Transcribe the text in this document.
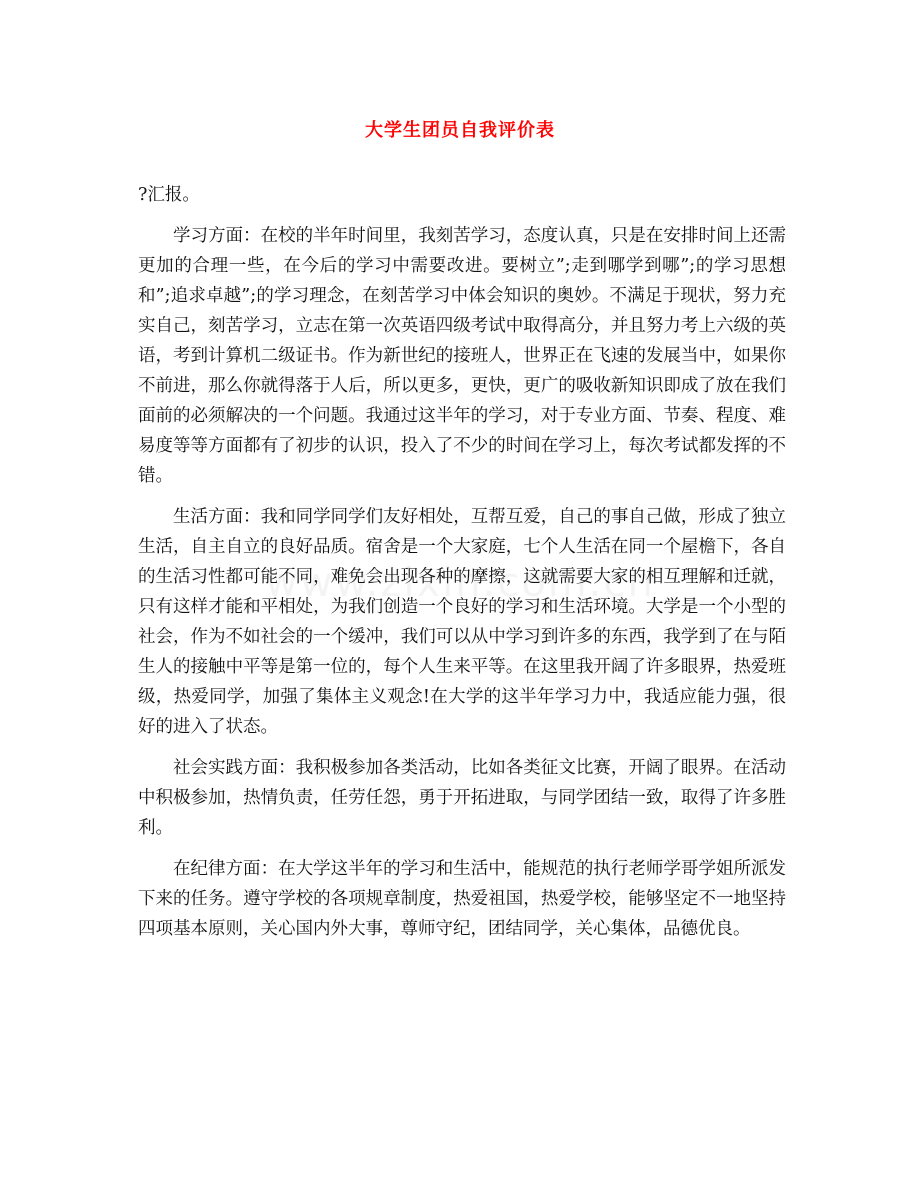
大学生团员自我评价表

?汇报。

学习方面：在校的半年时间里，我刻苦学习，态度认真，只是在安排时间上还需更加的合理一些，在今后的学习中需要改进。要树立”;走到哪学到哪”;的学习思想和”;追求卓越”;的学习理念，在刻苦学习中体会知识的奥妙。不满足于现状，努力充实自己，刻苦学习，立志在第一次英语四级考试中取得高分，并且努力考上六级的英语，考到计算机二级证书。作为新世纪的接班人，世界正在飞速的发展当中，如果你不前进，那么你就得落于人后，所以更多，更快，更广的吸收新知识即成了放在我们面前的必须解决的一个问题。我通过这半年的学习，对于专业方面、节奏、程度、难易度等等方面都有了初步的认识，投入了不少的时间在学习上，每次考试都发挥的不错。

生活方面：我和同学同学们友好相处，互帮互爱，自己的事自己做，形成了独立生活，自主自立的良好品质。宿舍是一个大家庭，七个人生活在同一个屋檐下，各自的生活习性都可能不同，难免会出现各种的摩擦，这就需要大家的相互理解和迁就，只有这样才能和平相处，为我们创造一个良好的学习和生活环境。大学是一个小型的社会，作为不如社会的一个缓冲，我们可以从中学习到许多的东西，我学到了在与陌生人的接触中平等是第一位的，每个人生来平等。在这里我开阔了许多眼界，热爱班级，热爱同学，加强了集体主义观念!在大学的这半年学习力中，我适应能力强，很好的进入了状态。

社会实践方面：我积极参加各类活动，比如各类征文比赛，开阔了眼界。在活动中积极参加，热情负责，任劳任怨，勇于开拓进取，与同学团结一致，取得了许多胜利。

在纪律方面：在大学这半年的学习和生活中，能规范的执行老师学哥学姐所派发下来的任务。遵守学校的各项规章制度，热爱祖国，热爱学校，能够坚定不一地坚持四项基本原则，关心国内外大事，尊师守纪，团结同学，关心集体，品德优良。
